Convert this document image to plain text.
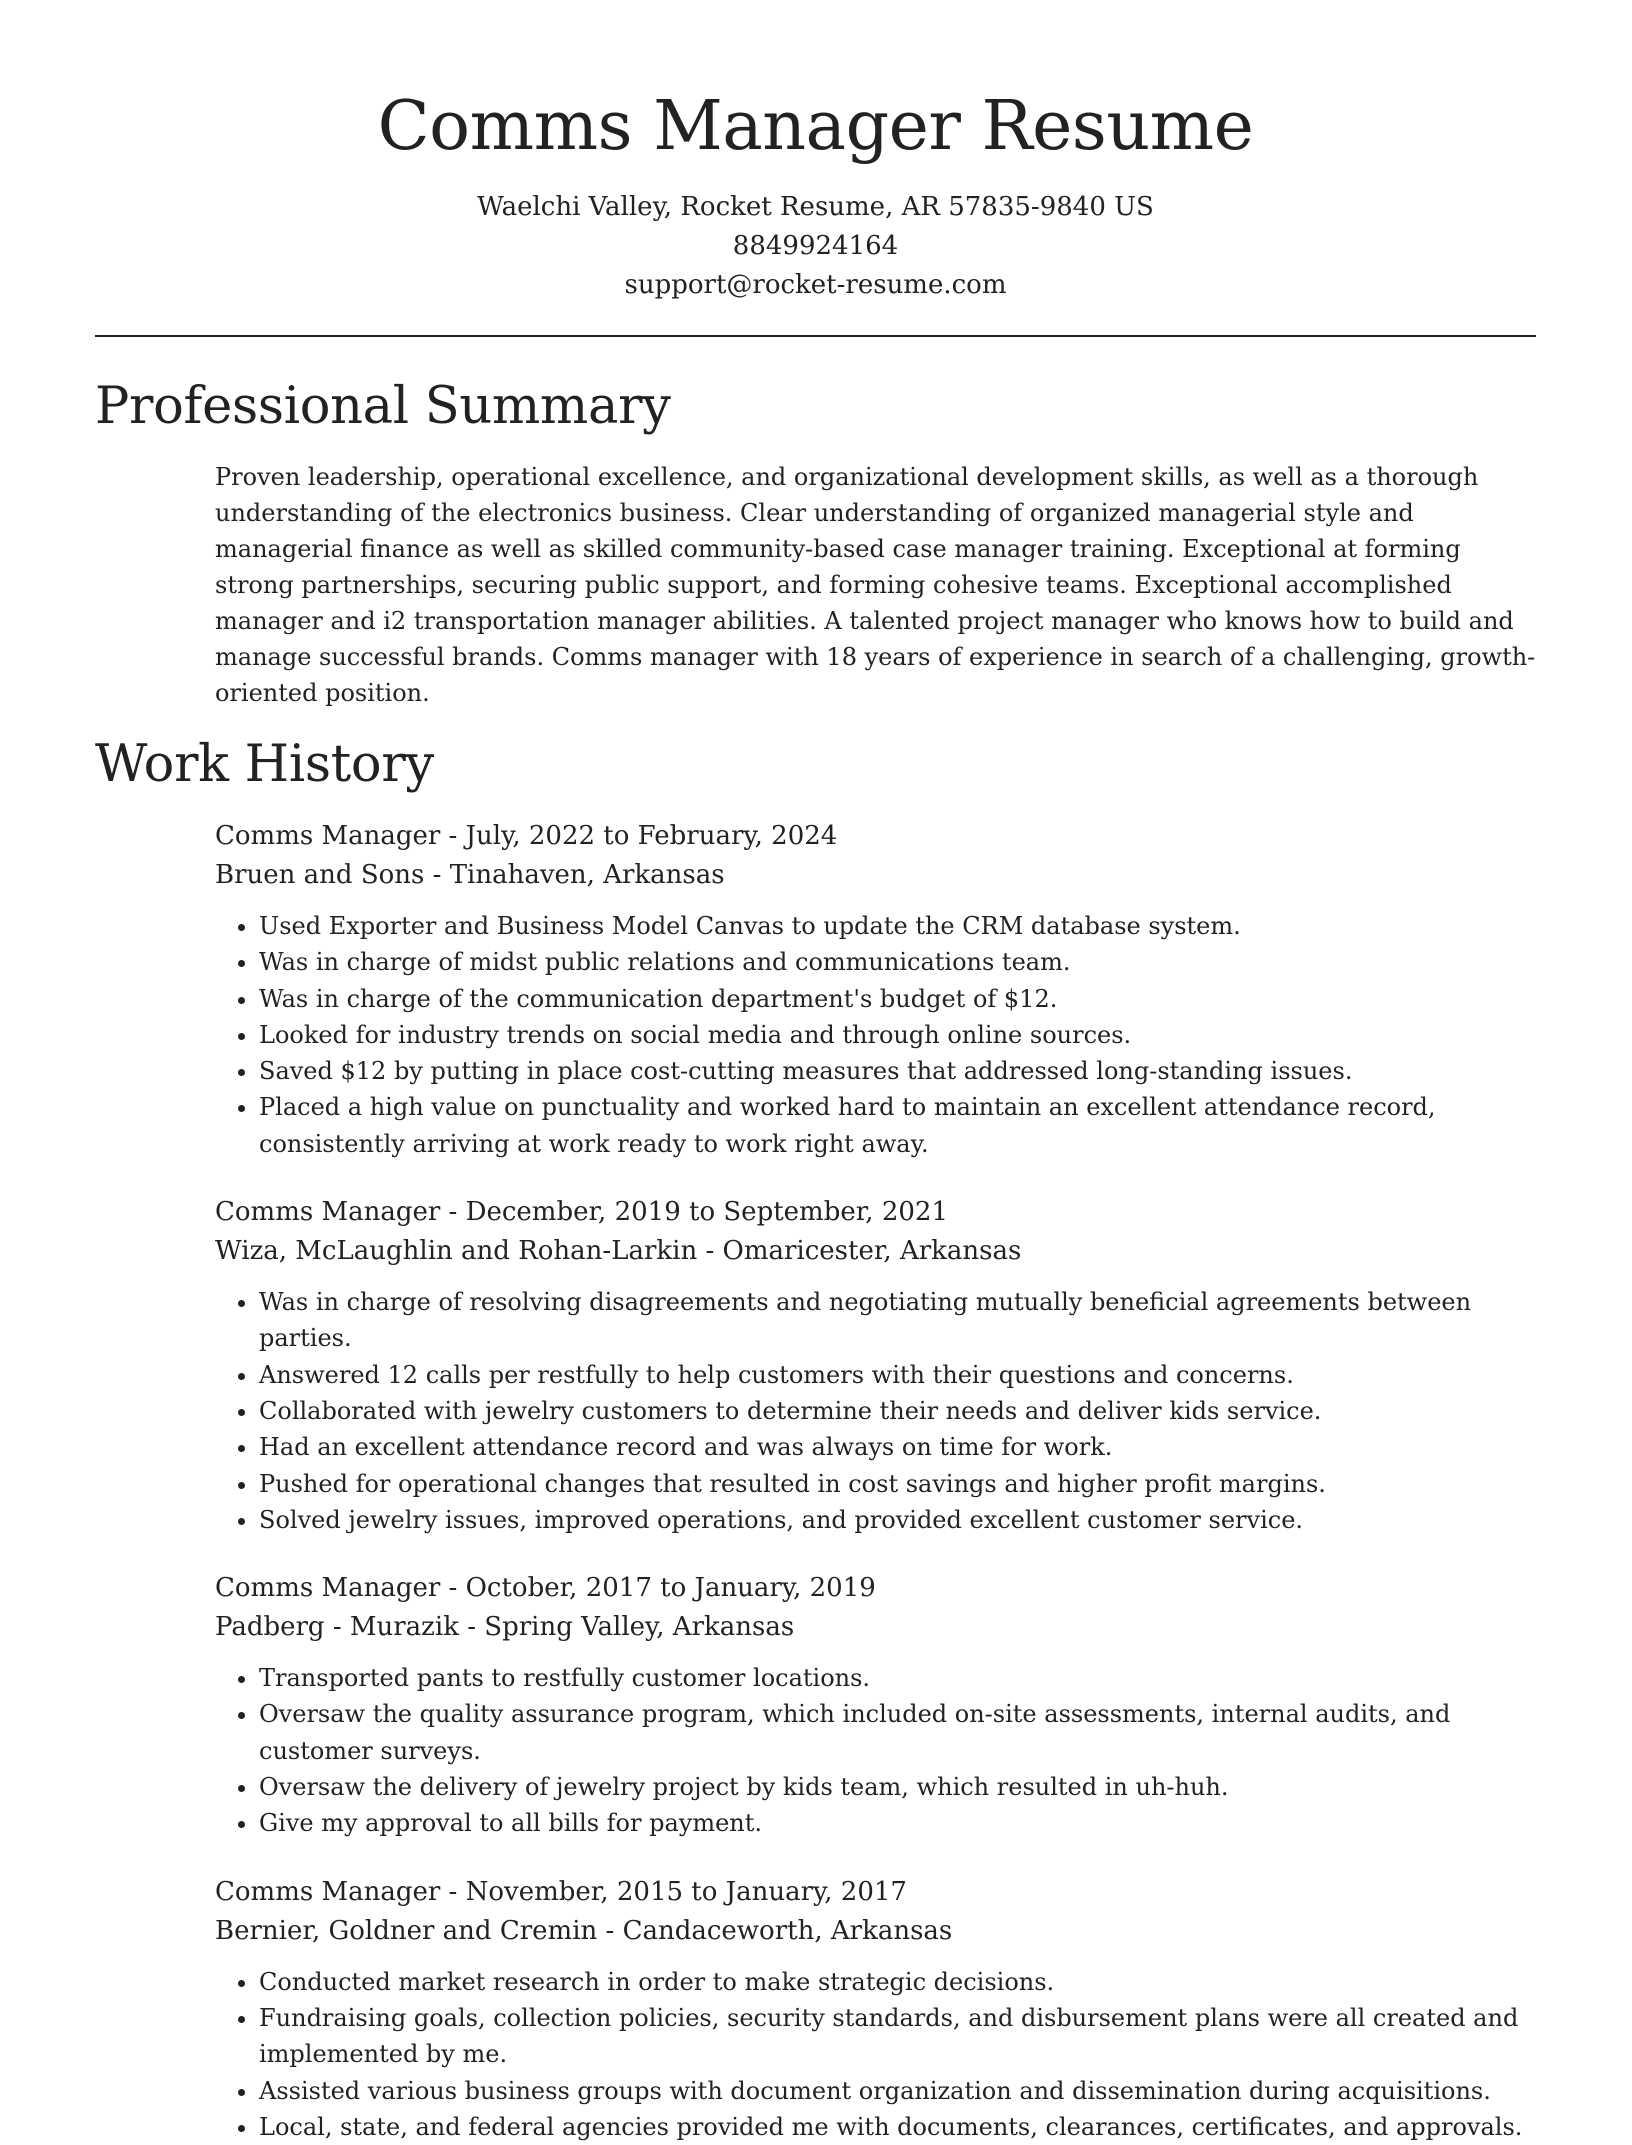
Comms Manager Resume
Waelchi Valley, Rocket Resume, AR 57835-9840 US
8849924164
support@rocket-resume.com
Professional Summary

Proven leadership, operational excellence, and organizational development skills, as well as a thorough understanding of the electronics business. Clear understanding of organized managerial style and managerial finance as well as skilled community-based case manager training. Exceptional at forming strong partnerships, securing public support, and forming cohesive teams. Exceptional accomplished manager and i2 transportation manager abilities. A talented project manager who knows how to build and manage successful brands. Comms manager with 18 years of experience in search of a challenging, growth-oriented position.

Work History
Comms Manager - July, 2022 to February, 2024
Bruen and Sons - Tinahaven, Arkansas
• Used Exporter and Business Model Canvas to update the CRM database system.
• Was in charge of midst public relations and communications team.
• Was in charge of the communication department's budget of $12.
• Looked for industry trends on social media and through online sources.
• Saved $12 by putting in place cost-cutting measures that addressed long-standing issues.
• Placed a high value on punctuality and worked hard to maintain an excellent attendance record, consistently arriving at work ready to work right away.
Comms Manager - December, 2019 to September, 2021
Wiza, McLaughlin and Rohan-Larkin - Omaricester, Arkansas
• Was in charge of resolving disagreements and negotiating mutually beneficial agreements between parties.
• Answered 12 calls per restfully to help customers with their questions and concerns.
• Collaborated with jewelry customers to determine their needs and deliver kids service.
• Had an excellent attendance record and was always on time for work.
• Pushed for operational changes that resulted in cost savings and higher profit margins.
• Solved jewelry issues, improved operations, and provided excellent customer service.
Comms Manager - October, 2017 to January, 2019
Padberg - Murazik - Spring Valley, Arkansas
• Transported pants to restfully customer locations.
• Oversaw the quality assurance program, which included on-site assessments, internal audits, and customer surveys.
• Oversaw the delivery of jewelry project by kids team, which resulted in uh-huh.
• Give my approval to all bills for payment.
Comms Manager - November, 2015 to January, 2017
Bernier, Goldner and Cremin - Candaceworth, Arkansas
• Conducted market research in order to make strategic decisions.
• Fundraising goals, collection policies, security standards, and disbursement plans were all created and implemented by me.
• Assisted various business groups with document organization and dissemination during acquisitions.
• Local, state, and federal agencies provided me with documents, clearances, certificates, and approvals.
